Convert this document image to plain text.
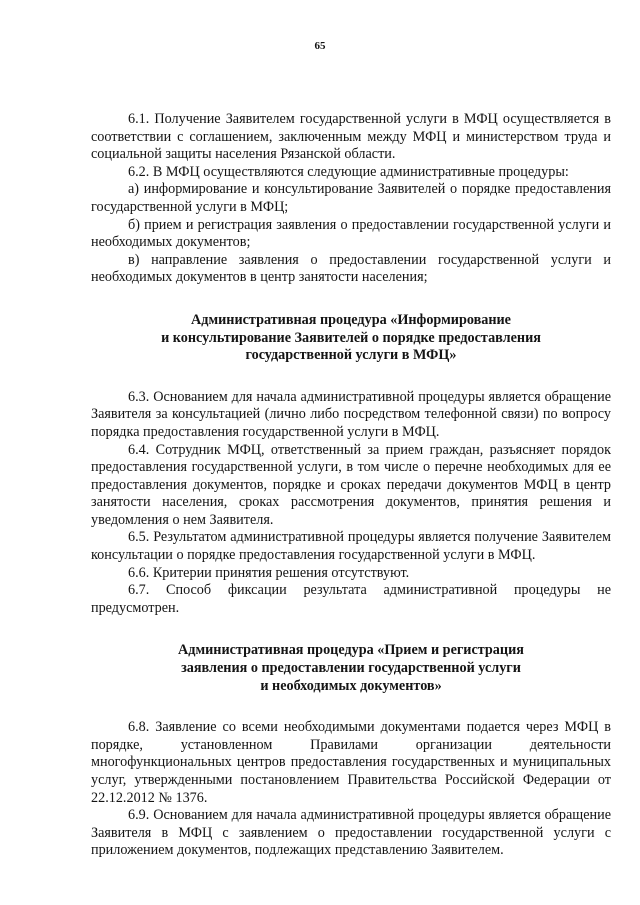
65

6.1. Получение Заявителем государственной услуги в МФЦ осуществляется в соответствии с соглашением, заключенным между МФЦ и министерством труда и социальной защиты населения Рязанской области.

6.2. В МФЦ осуществляются следующие административные процедуры:

а) информирование и консультирование Заявителей о порядке предоставления государственной услуги в МФЦ;

б) прием и регистрация заявления о предоставлении государственной услуги и необходимых документов;

в) направление заявления о предоставлении государственной услуги и необходимых документов в центр занятости населения;

Административная процедура «Информирование
и консультирование Заявителей о порядке предоставления
государственной услуги в МФЦ»

6.3. Основанием для начала административной процедуры является обращение Заявителя за консультацией (лично либо посредством телефонной связи) по вопросу порядка предоставления государственной услуги в МФЦ.

6.4. Сотрудник МФЦ, ответственный за прием граждан, разъясняет порядок предоставления государственной услуги, в том числе о перечне необходимых для ее предоставления документов, порядке и сроках передачи документов МФЦ в центр занятости населения, сроках рассмотрения документов, принятия решения и уведомления о нем Заявителя.

6.5. Результатом административной процедуры является получение Заявителем консультации о порядке предоставления государственной услуги в МФЦ.

6.6. Критерии принятия решения отсутствуют.

6.7. Способ фиксации результата административной процедуры не предусмотрен.

Административная процедура «Прием и регистрация
заявления о предоставлении государственной услуги
и необходимых документов»

6.8. Заявление со всеми необходимыми документами подается через МФЦ в порядке, установленном Правилами организации деятельности многофункциональных центров предоставления государственных и муниципальных услуг, утвержденными постановлением Правительства Российской Федерации от 22.12.2012 № 1376.

6.9. Основанием для начала административной процедуры является обращение Заявителя в МФЦ с заявлением о предоставлении государственной услуги с приложением документов, подлежащих представлению Заявителем.
